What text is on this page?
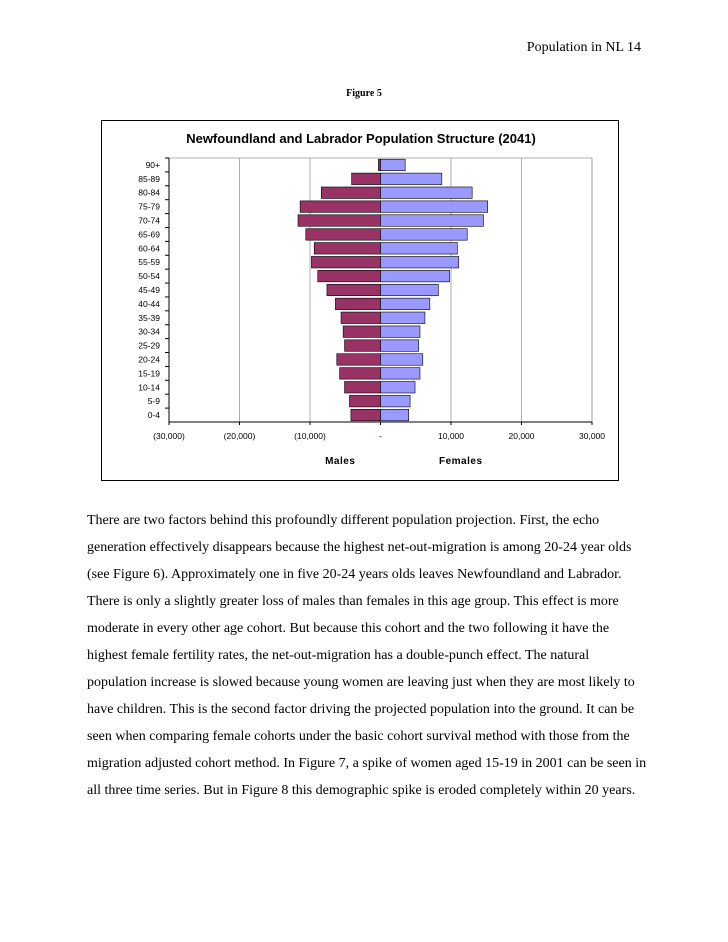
Population in NL 14
Figure 5
Newfoundland and Labrador Population Structure (2041)
0-4
5-9
10-14
15-19
20-24
25-29
30-34
35-39
40-44
45-49
50-54
55-59
60-64
65-69
70-74
75-79
80-84
85-89
90+
(30,000)	(20,000)	(10,000)	-	10,000	20,000	30,000
Males	Females

There are two factors behind this profoundly different population projection. First, the echo generation effectively disappears because the highest net-out-migration is among 20-24 year olds (see Figure 6). Approximately one in five 20-24 years olds leaves Newfoundland and Labrador. There is only a slightly greater loss of males than females in this age group. This effect is more moderate in every other age cohort. But because this cohort and the two following it have the highest female fertility rates, the net-out-migration has a double-punch effect. The natural population increase is slowed because young women are leaving just when they are most likely to have children. This is the second factor driving the projected population into the ground. It can be seen when comparing female cohorts under the basic cohort survival method with those from the migration adjusted cohort method. In Figure 7, a spike of women aged 15-19 in 2001 can be seen in all three time series. But in Figure 8 this demographic spike is eroded completely within 20 years.
